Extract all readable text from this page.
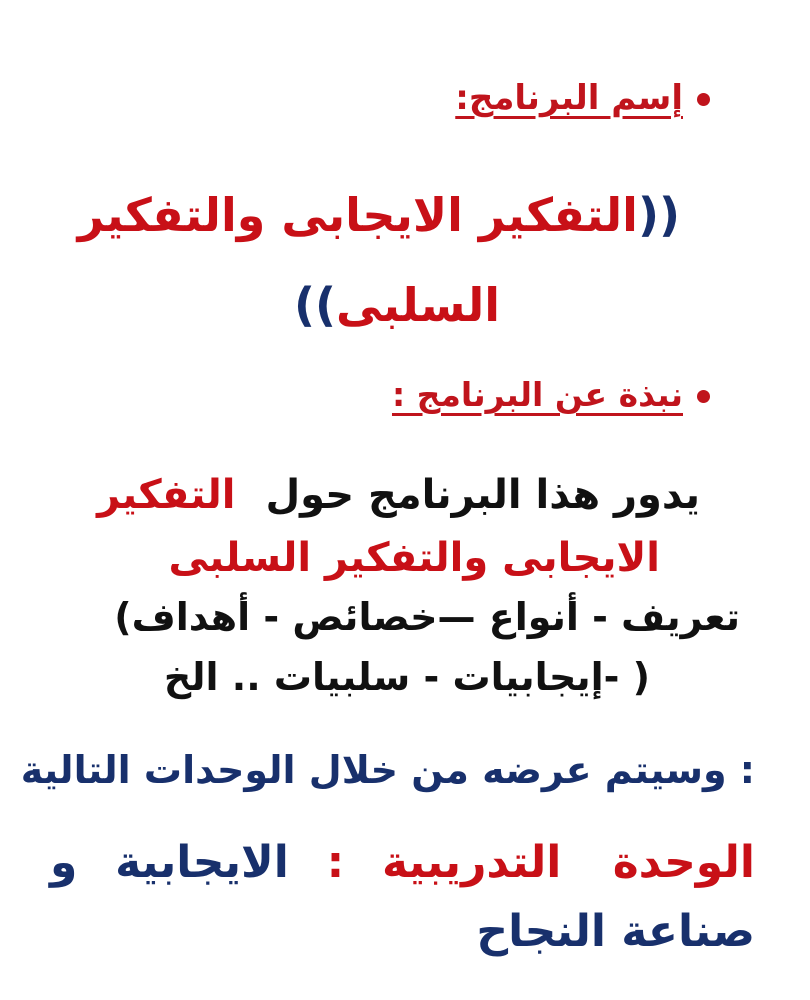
إسم البرنامج:
((التفكير الايجابى والتفكير
السلبى))
نبذة عن البرنامج :
يدور هذا البرنامج حولالتفكير
الايجابى والتفكير السلبى
تعريف - أنواع —خصائص - أهداف)
( -إيجابيات - سلبيات .. الخ
: وسيتم عرضه من خلال الوحدات التالية
الوحدة التدريبية
:
الايجابية
و
صناعة النجاح
